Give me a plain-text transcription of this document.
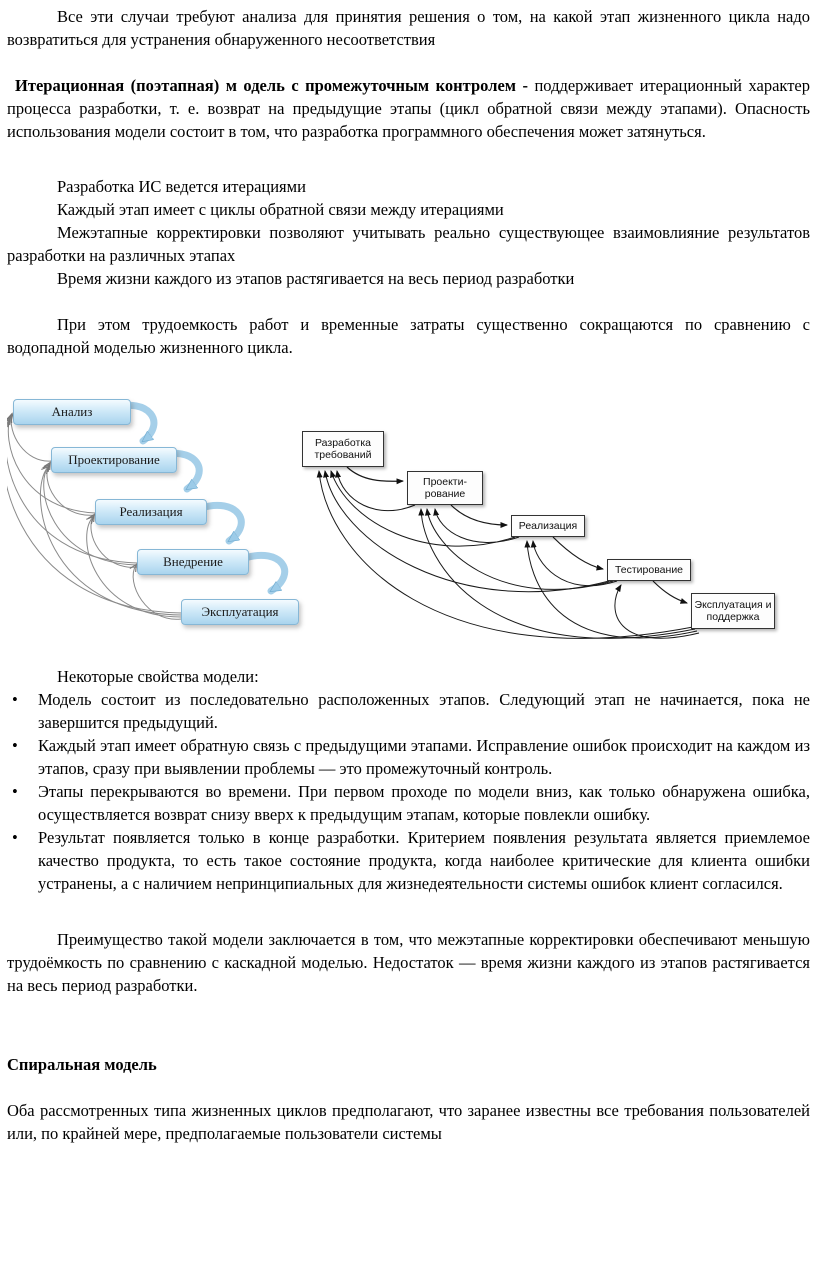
Все эти случаи требуют анализа для принятия решения о том, на какой этап жизненного цикла надо возвратиться для устранения обнаруженного несоответствия

Итерационная (поэтапная) м одель с промежуточным контролем - поддерживает итерационный характер процесса разработки, т. е. возврат на предыдущие этапы (цикл обратной связи между этапами). Опасность использования модели состоит в том, что разработка программного обеспечения может затянуться.

Разработка ИС ведется итерациями

Каждый этап имеет с циклы обратной связи между итерациями

Межэтапные корректировки позволяют учитывать реально существующее взаимовлияние результатов разработки на различных этапах

Время жизни каждого из этапов растягивается на весь период разработки

При этом трудоемкость работ и временные затраты существенно сокращаются по сравнению с водопадной моделью жизненного цикла.

Анализ
Проектирование
Реализация
Внедрение
Эксплуатация
Разработка требований
Проекти-рование
Реализация
Тестирование
Эксплуатация и поддержка

Некоторые свойства модели:

• Модель состоит из последовательно расположенных этапов. Следующий этап не начинается, пока не завершится предыдущий.
• Каждый этап имеет обратную связь с предыдущими этапами. Исправление ошибок происходит на каждом из этапов, сразу при выявлении проблемы — это промежуточный контроль.
• Этапы перекрываются во времени. При первом проходе по модели вниз, как только обнаружена ошибка, осуществляется возврат снизу вверх к предыдущим этапам, которые повлекли ошибку.
• Результат появляется только в конце разработки. Критерием появления результата является приемлемое качество продукта, то есть такое состояние продукта, когда наиболее критические для клиента ошибки устранены, а с наличием непринципиальных для жизнедеятельности системы ошибок клиент согласился.

Преимущество такой модели заключается в том, что межэтапные корректировки обеспечивают меньшую трудоёмкость по сравнению с каскадной моделью. Недостаток — время жизни каждого из этапов растягивается на весь период разработки.

Спиральная модель

Оба рассмотренных типа жизненных циклов предполагают, что заранее известны все требования пользователей или, по крайней мере, предполагаемые пользователи системы
